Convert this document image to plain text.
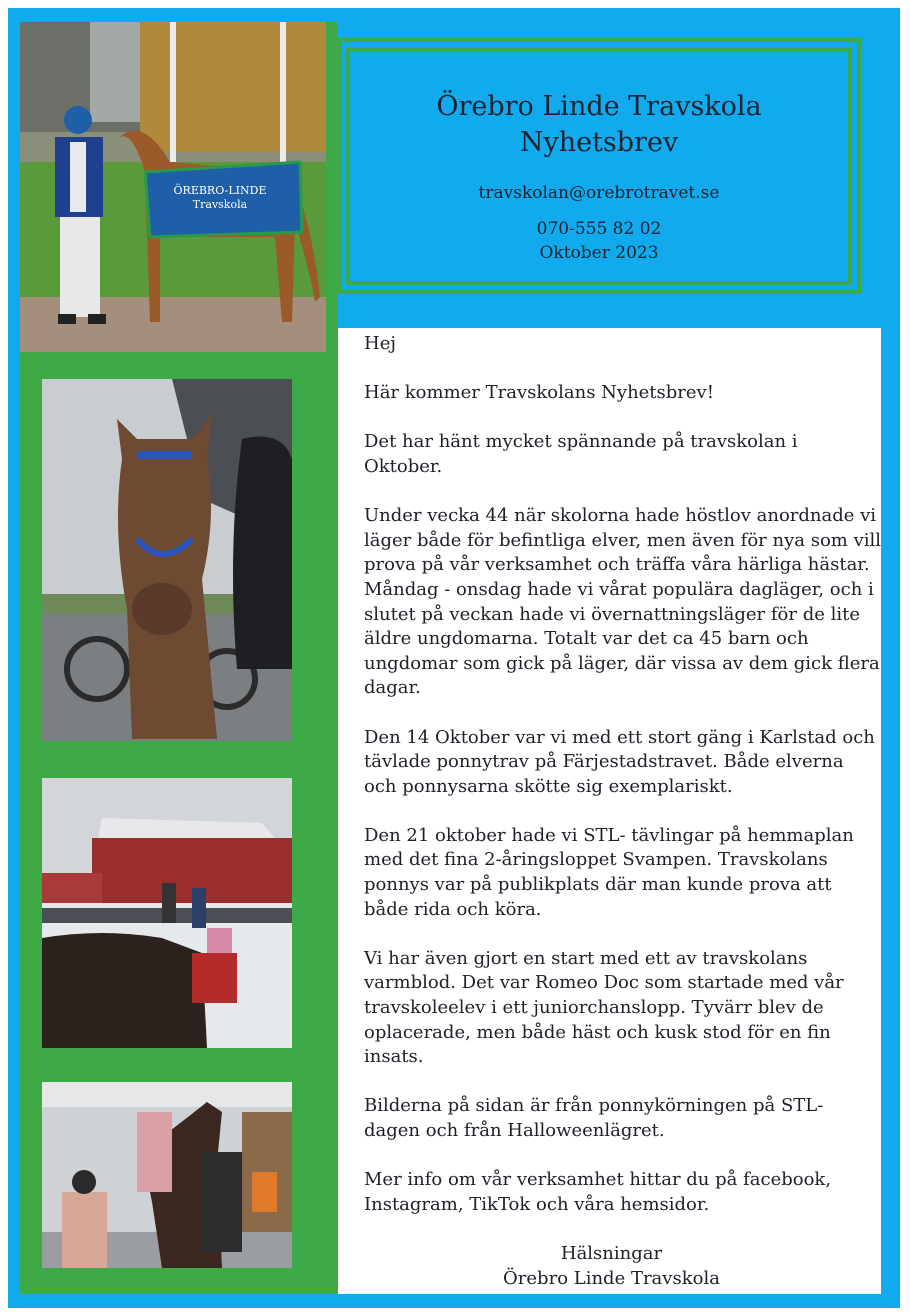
ÖREBRO-LINDE
Travskola
Örebro Linde Travskola
Nyhetsbrev
travskolan@orebrotravet.se
070-555 82 02
Oktober 2023

Hej

Här kommer Travskolans Nyhetsbrev!

Det har hänt mycket spännande på travskolan i Oktober.

Under vecka 44 när skolorna hade höstlov anordnade vi läger både för befintliga elver, men även för nya som vill prova på vår verksamhet och träffa våra härliga hästar. Måndag - onsdag hade vi vårat populära dagläger, och i slutet på veckan hade vi övernattningsläger för de lite äldre ungdomarna. Totalt var det ca 45 barn och ungdomar som gick på läger, där vissa av dem gick flera dagar.

Den 14 Oktober var vi med ett stort gäng i Karlstad och tävlade ponnytrav på Färjestadstravet. Både elverna och ponnysarna skötte sig exemplariskt.

Den 21 oktober hade vi STL- tävlingar på hemmaplan med det fina 2-åringsloppet Svampen. Travskolans ponnys var på publikplats där man kunde prova att både rida och köra.

Vi har även gjort en start med ett av travskolans varmblod. Det var Romeo Doc som startade med vår travskoleelev i ett juniorchanslopp. Tyvärr blev de oplacerade, men både häst och kusk stod för en fin insats.

Bilderna på sidan är från ponnykörningen på STL- dagen och från Halloweenlägret.

Mer info om vår verksamhet hittar du på facebook, Instagram, TikTok och våra hemsidor.

Hälsningar
Örebro Linde Travskola
